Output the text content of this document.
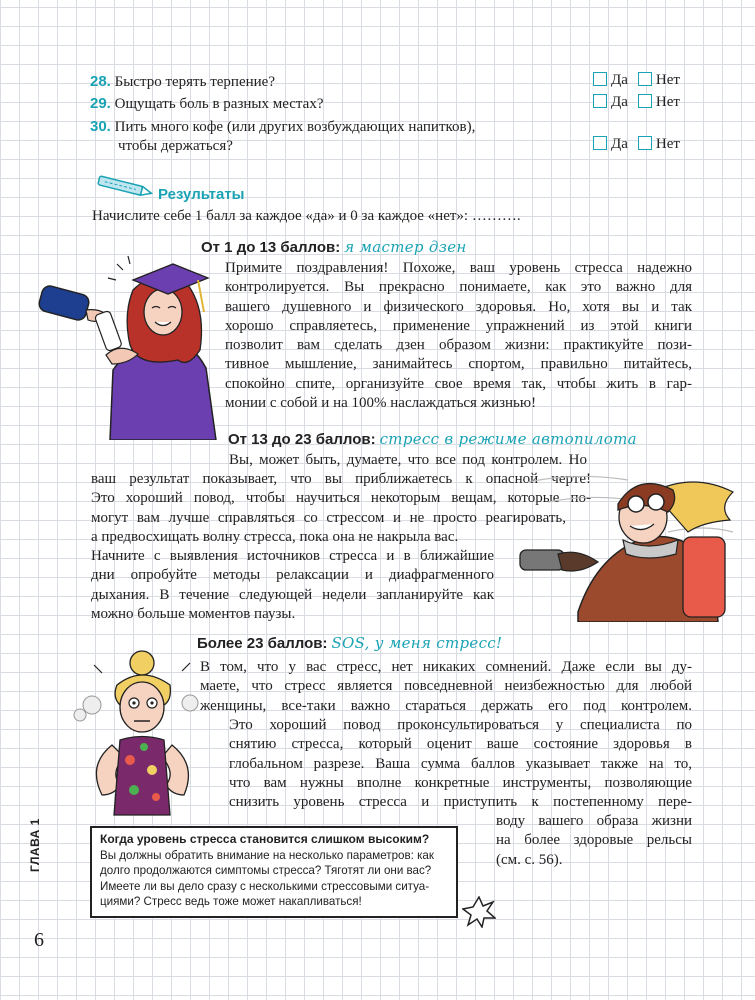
28. Быстро терять терпение?	Да Нет
29. Ощущать боль в разных местах?	Да Нет
30. Пить много кофе (или других возбуждающих напитков),
чтобы держаться?	Да Нет
Результаты
Начислите себе 1 балл за каждое «да» и 0 за каждое «нет»: ……….
От 1 до 13 баллов: я мастер дзен
Примите поздравления! Похоже, ваш уровень стресса надежно
контролируется. Вы прекрасно понимаете, как это важно для
вашего душевного и физического здоровья. Но, хотя вы и так
хорошо справляетесь, применение упражнений из этой книги
позволит вам сделать дзен образом жизни: практикуйте пози-
тивное мышление, занимайтесь спортом, правильно питайтесь,
спокойно спите, организуйте свое время так, чтобы жить в гар-
монии с собой и на 100% наслаждаться жизнью!
От 13 до 23 баллов: стресс в режиме автопилота
Вы, может быть, думаете, что все под контролем. Но
ваш результат показывает, что вы приближаетесь к опасной черте!
Это хороший повод, чтобы научиться некоторым вещам, которые по-
могут вам лучше справляться со стрессом и не просто реагировать,
а предвосхищать волну стресса, пока она не накрыла вас.
Начните с выявления источников стресса и в ближайшие
дни опробуйте методы релаксации и диафрагменного
дыхания. В течение следующей недели запланируйте как
можно больше моментов паузы.
Более 23 баллов: SOS, у меня стресс!
В том, что у вас стресс, нет никаких сомнений. Даже если вы ду-
маете, что стресс является повседневной неизбежностью для любой
женщины, все-таки важно стараться держать его под контролем.
Это хороший повод проконсультироваться у специалиста по
снятию стресса, который оценит ваше состояние здоровья в
глобальном разрезе. Ваша сумма баллов указывает также на то,
что вам нужны вполне конкретные инструменты, позволяющие
снизить уровень стресса и приступить к постепенному пере-
воду вашего образа жизни
на более здоровые рельсы
(см. с. 56).
Когда уровень стресса становится слишком высоким?
Вы должны обратить внимание на несколько параметров: как
долго продолжаются симптомы стресса? Тяготят ли они вас?
Имеете ли вы дело сразу с несколькими стрессовыми ситуа-
циями? Стресс ведь тоже может накапливаться!
ГЛАВА 1
6
